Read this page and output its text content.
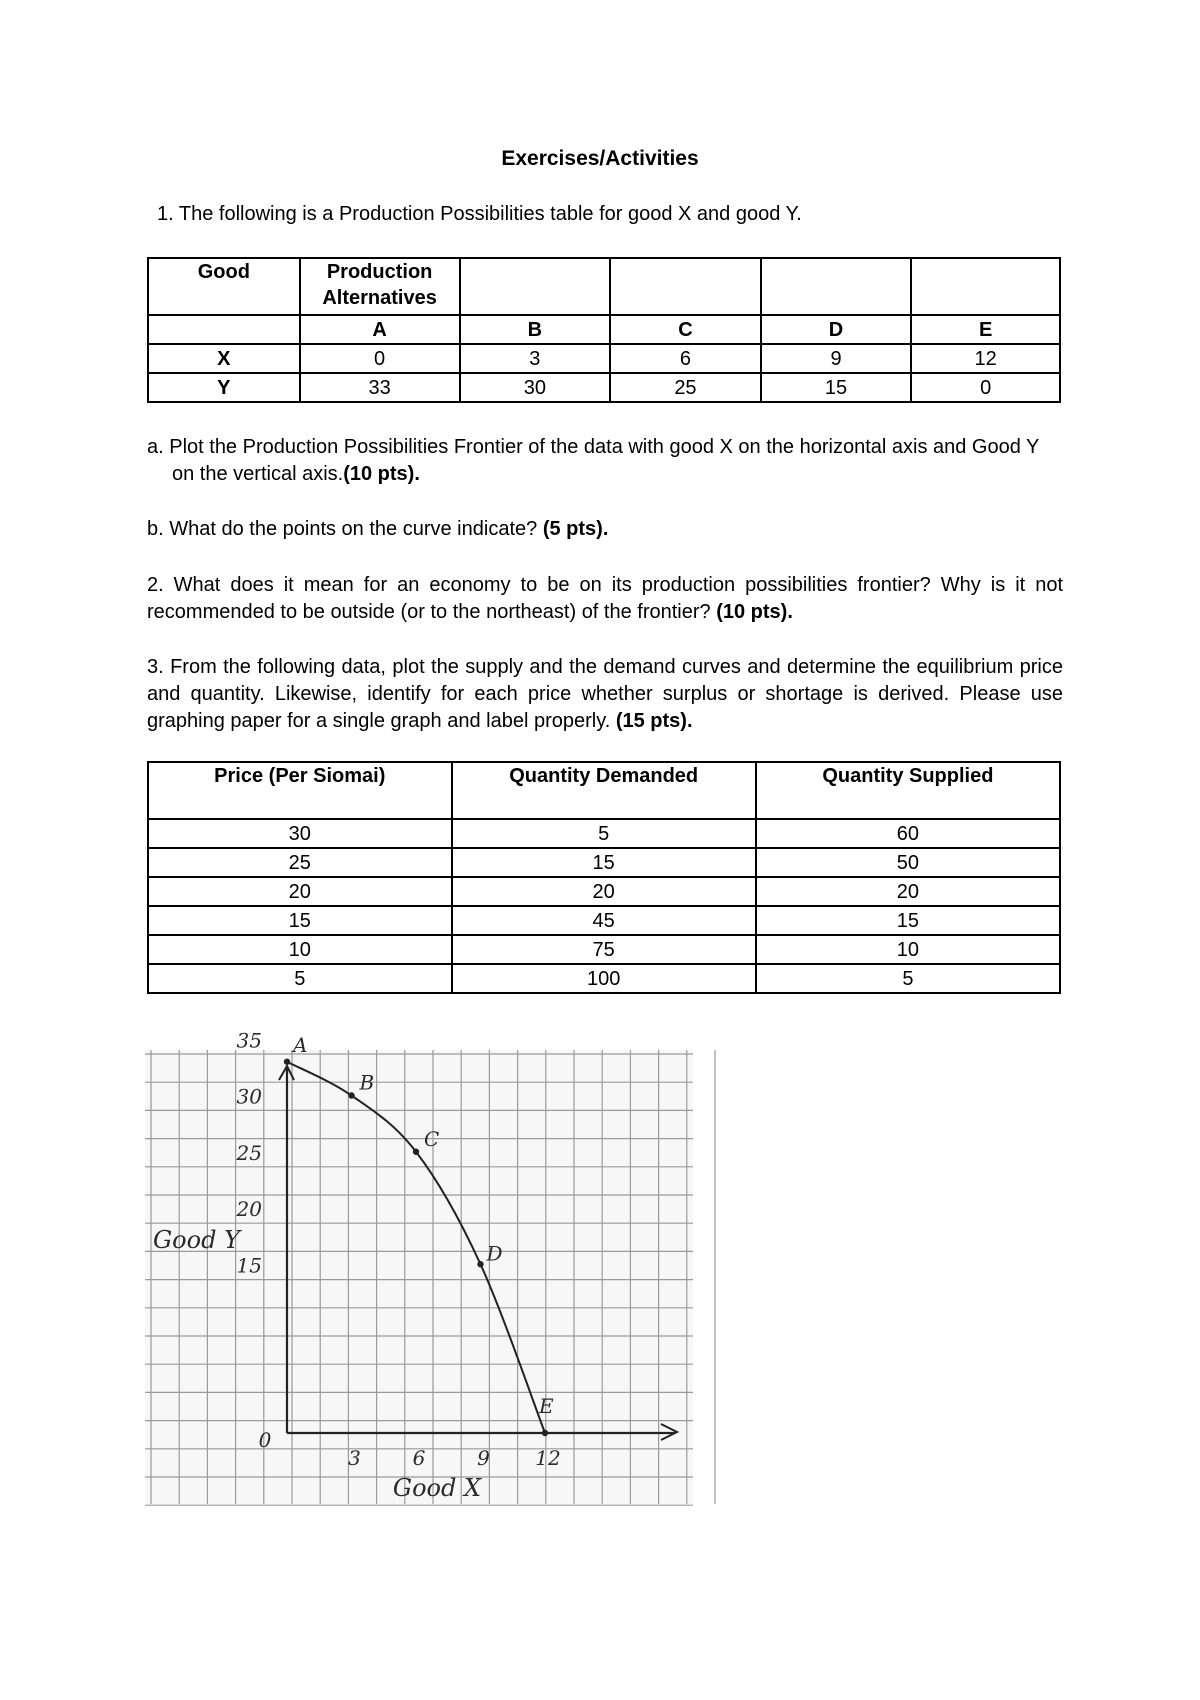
Exercises/Activities
1. The following is a Production Possibilities table for good X and good Y.
Good	Production Alternatives				
	A	B	C	D	E
X	0	3	6	9	12
Y	33	30	25	15	0
a. Plot the Production Possibilities Frontier of the data with good X on the horizontal axis and Good Y on the vertical axis.(10 pts).
b. What do the points on the curve indicate? (5 pts).
2. What does it mean for an economy to be on its production possibilities frontier? Why is it not recommended to be outside (or to the northeast) of the frontier? (10 pts).
3. From the following data, plot the supply and the demand curves and determine the equilibrium price and quantity. Likewise, identify for each price whether surplus or shortage is derived. Please use graphing paper for a single graph and label properly. (15 pts).
Price (Per Siomai)	Quantity Demanded	Quantity Supplied
30	5	60
25	15	50
20	20	20
15	45	15
10	75	10
5	100	5
A
B
C
D
E
35
30
25
20
15
3	6	9 12
0
Good Y
Good X
